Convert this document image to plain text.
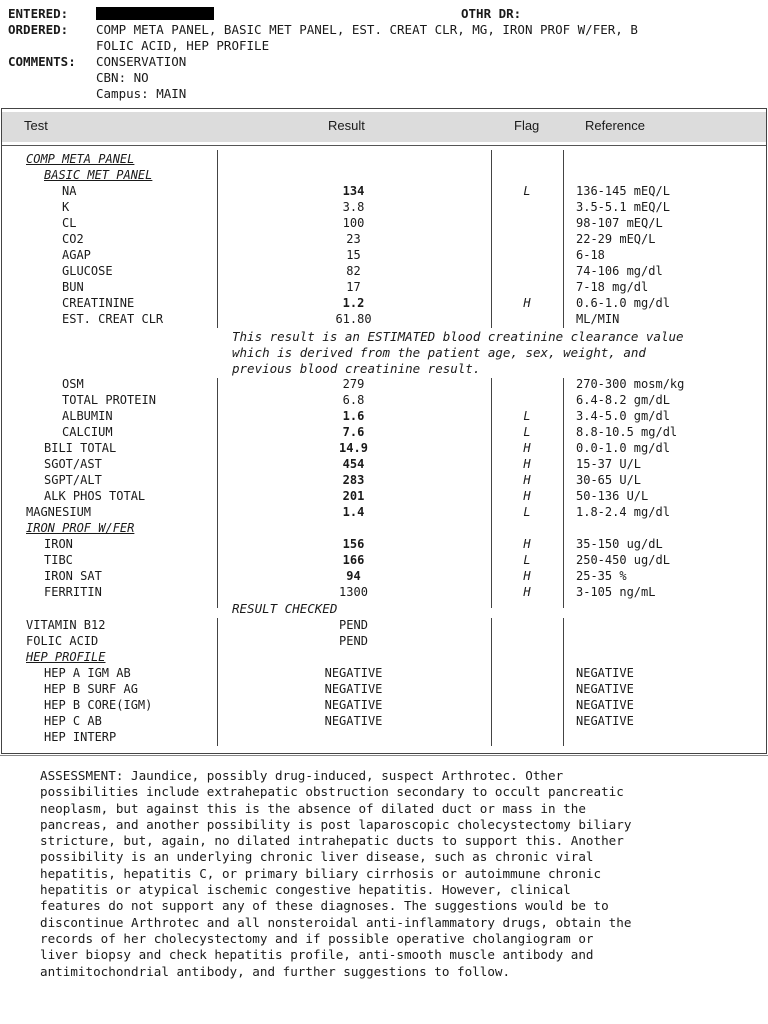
ENTERED:	OTHR DR:
ORDERED: COMP META PANEL, BASIC MET PANEL, EST. CREAT CLR, MG, IRON PROF W/FER, B
FOLIC ACID, HEP PROFILE
COMMENTS: CONSERVATION
CBN: NO
Campus: MAIN
Test	Result	Flag	Reference
COMP META PANEL
BASIC MET PANEL
NA	134	L	136-145 mEQ/L
K	3.8	3.5-5.1 mEQ/L
CL	100	98-107 mEQ/L
CO2	23	22-29 mEQ/L
AGAP	15	6-18
GLUCOSE	82	74-106 mg/dl
BUN	17	7-18 mg/dl
CREATININE	1.2	H	0.6-1.0 mg/dl
EST. CREAT CLR	61.80	ML/MIN
This result is an ESTIMATED blood creatinine clearance value
which is derived from the patient age, sex, weight, and
previous blood creatinine result.
OSM	279	270-300 mosm/kg
TOTAL PROTEIN	6.8	6.4-8.2 gm/dL
ALBUMIN	1.6	L	3.4-5.0 gm/dl
CALCIUM	7.6	L	8.8-10.5 mg/dl
BILI TOTAL	14.9	H	0.0-1.0 mg/dl
SGOT/AST	454	H	15-37 U/L
SGPT/ALT	283	H	30-65 U/L
ALK PHOS TOTAL	201	H	50-136 U/L
MAGNESIUM	1.4	L	1.8-2.4 mg/dl
IRON PROF W/FER
IRON	156	H	35-150 ug/dL
TIBC	166	L	250-450 ug/dL
IRON SAT	94	H	25-35 %
FERRITIN	1300	H	3-105 ng/mL
RESULT CHECKED
VITAMIN B12	PEND
FOLIC ACID	PEND
HEP PROFILE
HEP A IGM AB	NEGATIVE	NEGATIVE
HEP B SURF AG	NEGATIVE	NEGATIVE
HEP B CORE(IGM)	NEGATIVE	NEGATIVE
HEP C AB	NEGATIVE	NEGATIVE
HEP INTERP
ASSESSMENT: Jaundice, possibly drug-induced, suspect Arthrotec. Other
possibilities include extrahepatic obstruction secondary to occult pancreatic
neoplasm, but against this is the absence of dilated duct or mass in the
pancreas, and another possibility is post laparoscopic cholecystectomy biliary
stricture, but, again, no dilated intrahepatic ducts to support this. Another
possibility is an underlying chronic liver disease, such as chronic viral
hepatitis, hepatitis C, or primary biliary cirrhosis or autoimmune chronic
hepatitis or atypical ischemic congestive hepatitis. However, clinical
features do not support any of these diagnoses. The suggestions would be to
discontinue Arthrotec and all nonsteroidal anti-inflammatory drugs, obtain the
records of her cholecystectomy and if possible operative cholangiogram or
liver biopsy and check hepatitis profile, anti-smooth muscle antibody and
antimitochondrial antibody, and further suggestions to follow.
